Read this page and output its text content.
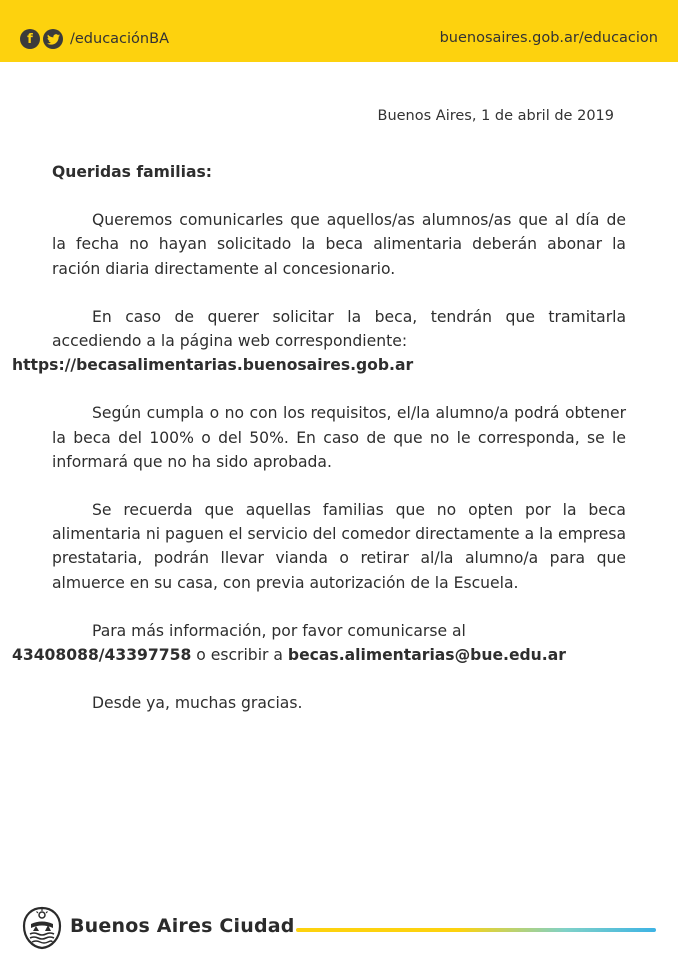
f	/educaciónBA	buenosaires.gob.ar/educacion
Buenos Aires, 1 de abril de 2019

Queridas familias:

Queremos comunicarles que aquellos/as alumnos/as que al día de la fecha no hayan solicitado la beca alimentaria deberán abonar la ración diaria directamente al concesionario.

En caso de querer solicitar la beca, tendrán que tramitarla accediendo a la página web correspondiente:
https://becasalimentarias.buenosaires.gob.ar

Según cumpla o no con los requisitos, el/la alumno/a podrá obtener la beca del 100% o del 50%. En caso de que no le corresponda, se le informará que no ha sido aprobada.

Se recuerda que aquellas familias que no opten por la beca alimentaria ni paguen el servicio del comedor directamente a la empresa prestataria, podrán llevar vianda o retirar al/la alumno/a para que almuerce en su casa, con previa autorización de la Escuela.

Para más información, por favor comunicarse al
43408088/43397758 o escribir a becas.alimentarias@bue.edu.ar

Desde ya, muchas gracias.

Buenos Aires Ciudad
